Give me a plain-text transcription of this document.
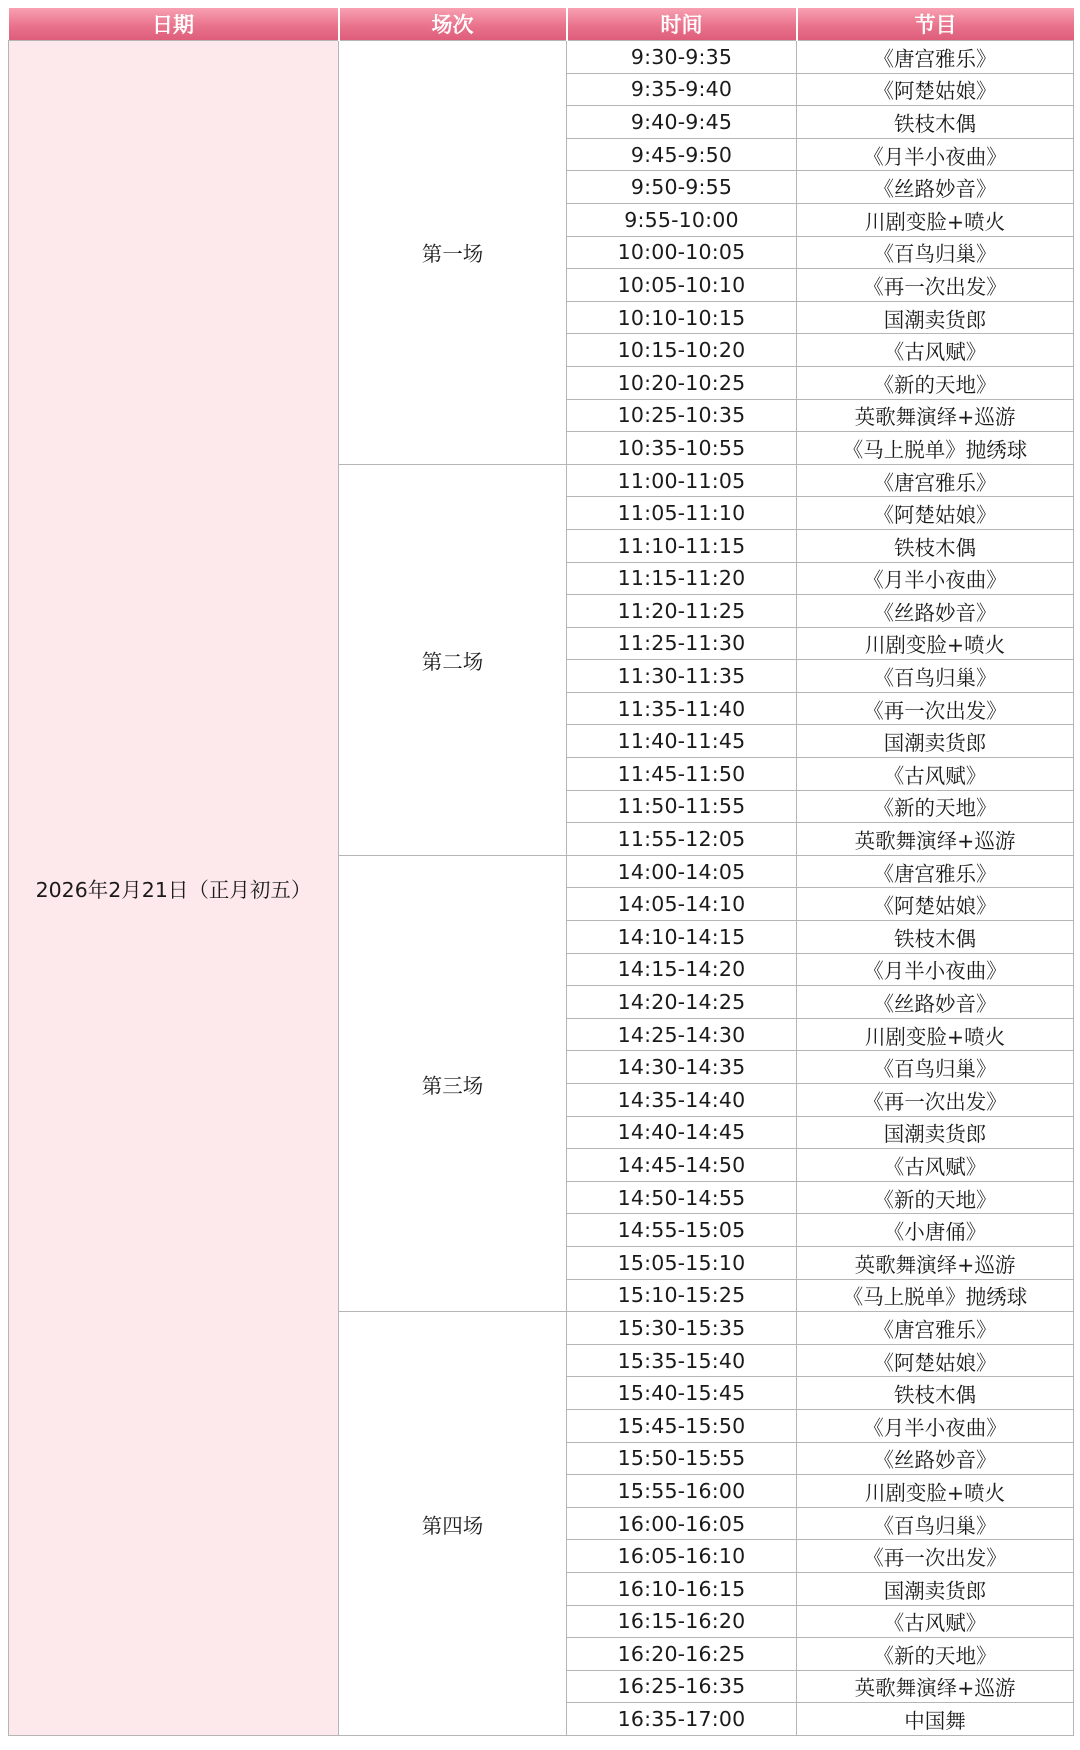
日期	场次	时间	节目
2026年2月21日（正月初五）	第一场	9:30-9:35	《唐宫雅乐》
		9:35-9:40	《阿楚姑娘》
		9:40-9:45	铁枝木偶
		9:45-9:50	《月半小夜曲》
		9:50-9:55	《丝路妙音》
		9:55-10:00	川剧变脸+喷火
		10:00-10:05	《百鸟归巢》
		10:05-10:10	《再一次出发》
		10:10-10:15	国潮卖货郎
		10:15-10:20	《古风赋》
		10:20-10:25	《新的天地》
		10:25-10:35	英歌舞演绎+巡游
		10:35-10:55	《马上脱单》抛绣球
	第二场	11:00-11:05	《唐宫雅乐》
		11:05-11:10	《阿楚姑娘》
		11:10-11:15	铁枝木偶
		11:15-11:20	《月半小夜曲》
		11:20-11:25	《丝路妙音》
		11:25-11:30	川剧变脸+喷火
		11:30-11:35	《百鸟归巢》
		11:35-11:40	《再一次出发》
		11:40-11:45	国潮卖货郎
		11:45-11:50	《古风赋》
		11:50-11:55	《新的天地》
		11:55-12:05	英歌舞演绎+巡游
	第三场	14:00-14:05	《唐宫雅乐》
		14:05-14:10	《阿楚姑娘》
		14:10-14:15	铁枝木偶
		14:15-14:20	《月半小夜曲》
		14:20-14:25	《丝路妙音》
		14:25-14:30	川剧变脸+喷火
		14:30-14:35	《百鸟归巢》
		14:35-14:40	《再一次出发》
		14:40-14:45	国潮卖货郎
		14:45-14:50	《古风赋》
		14:50-14:55	《新的天地》
		14:55-15:05	《小唐俑》
		15:05-15:10	英歌舞演绎+巡游
		15:10-15:25	《马上脱单》抛绣球
	第四场	15:30-15:35	《唐宫雅乐》
		15:35-15:40	《阿楚姑娘》
		15:40-15:45	铁枝木偶
		15:45-15:50	《月半小夜曲》
		15:50-15:55	《丝路妙音》
		15:55-16:00	川剧变脸+喷火
		16:00-16:05	《百鸟归巢》
		16:05-16:10	《再一次出发》
		16:10-16:15	国潮卖货郎
		16:15-16:20	《古风赋》
		16:20-16:25	《新的天地》
		16:25-16:35	英歌舞演绎+巡游
		16:35-17:00	中国舞
